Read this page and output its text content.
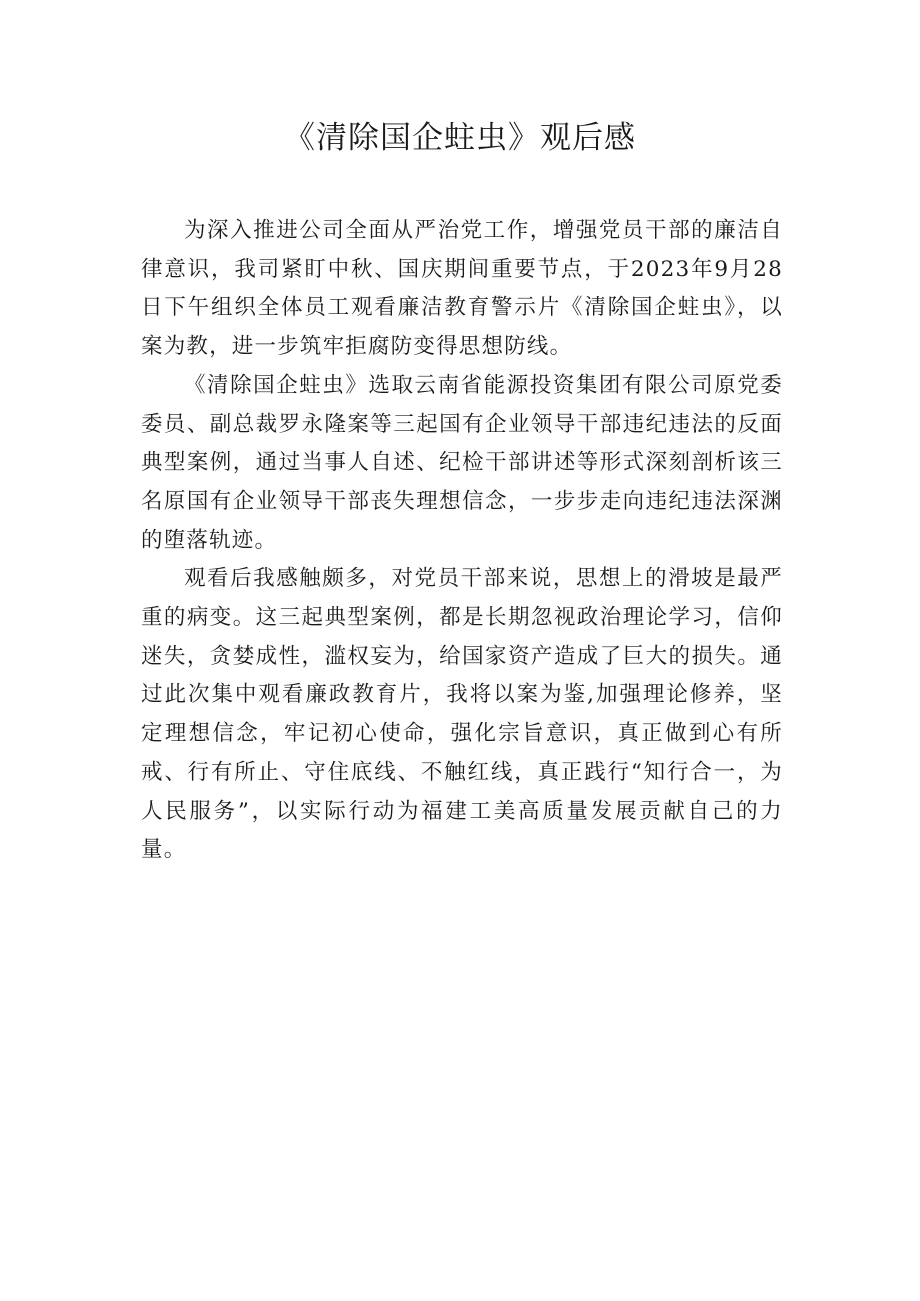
《清除国企蛀虫》观后感

为深入推进公司全面从严治党工作，增强党员干部的廉洁自律意识，我司紧盯中秋、国庆期间重要节点，于2023年9月28日下午组织全体员工观看廉洁教育警示片《清除国企蛀虫》，以案为教，进一步筑牢拒腐防变得思想防线。

《清除国企蛀虫》选取云南省能源投资集团有限公司原党委委员、副总裁罗永隆案等三起国有企业领导干部违纪违法的反面典型案例，通过当事人自述、纪检干部讲述等形式深刻剖析该三名原国有企业领导干部丧失理想信念，一步步走向违纪违法深渊的堕落轨迹。

观看后我感触颇多，对党员干部来说，思想上的滑坡是最严重的病变。这三起典型案例，都是长期忽视政治理论学习，信仰迷失，贪婪成性，滥权妄为，给国家资产造成了巨大的损失。通过此次集中观看廉政教育片，我将以案为鉴,加强理论修养，坚定理想信念，牢记初心使命，强化宗旨意识，真正做到心有所戒、行有所止、守住底线、不触红线，真正践行“知行合一，为人民服务”，以实际行动为福建工美高质量发展贡献自己的力量。
